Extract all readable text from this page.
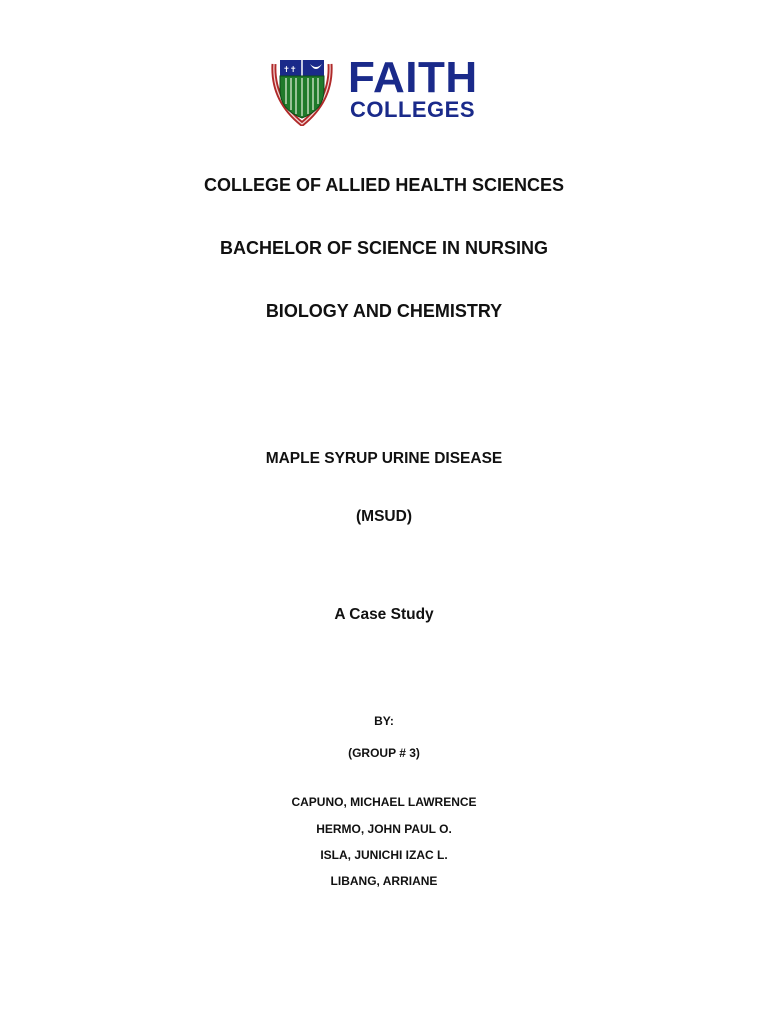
✝✝ FAITH
COLLEGES
COLLEGE OF ALLIED HEALTH SCIENCES
BACHELOR OF SCIENCE IN NURSING
BIOLOGY AND CHEMISTRY
MAPLE SYRUP URINE DISEASE
(MSUD)
A Case Study
BY:
(GROUP # 3)
CAPUNO, MICHAEL LAWRENCE
HERMO, JOHN PAUL O.
ISLA, JUNICHI IZAC L.
LIBANG, ARRIANE
